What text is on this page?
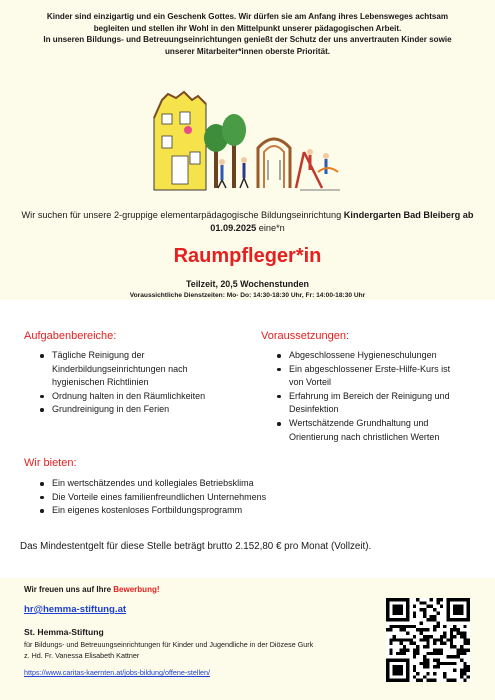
Kinder sind einzigartig und ein Geschenk Gottes. Wir dürfen sie am Anfang ihres Lebensweges achtsam
begleiten und stellen ihr Wohl in den Mittelpunkt unserer pädagogischen Arbeit.
In unseren Bildungs- und Betreuungseinrichtungen genießt der Schutz der uns anvertrauten Kinder sowie
unserer Mitarbeiter*innen oberste Priorität.
Wir suchen für unsere 2-gruppige elementarpädagogische Bildungseinrichtung Kindergarten Bad Bleiberg ab
01.09.2025 eine*n
Raumpfleger*in
Teilzeit, 20,5 Wochenstunden
Voraussichtliche Dienstzeiten: Mo- Do: 14:30-18:30 Uhr, Fr: 14:00-18:30 Uhr
Aufgabenbereiche:
Tägliche Reinigung der
Kinderbildungseinrichtungen nach
hygienischen Richtlinien
Ordnung halten in den Räumlichkeiten
Grundreinigung in den Ferien
Voraussetzungen:
Abgeschlossene Hygieneschulungen
Ein abgeschlossener Erste-Hilfe-Kurs ist
von Vorteil
Erfahrung im Bereich der Reinigung und
Desinfektion
Wertschätzende Grundhaltung und
Orientierung nach christlichen Werten
Wir bieten:
Ein wertschätzendes und kollegiales Betriebsklima
Die Vorteile eines familienfreundlichen Unternehmens
Ein eigenes kostenloses Fortbildungsprogramm
Das Mindestentgelt für diese Stelle beträgt brutto 2.152,80 € pro Monat (Vollzeit).
Wir freuen uns auf Ihre Bewerbung!
hr@hemma-stiftung.at
St. Hemma-Stiftung
für Bildungs- und Betreuungseinrichtungen für Kinder und Jugendliche in der Diözese Gurk
z. Hd. Fr. Vanessa Elisabeth Kattner
https://www.caritas-kaernten.at/jobs-bildung/offene-stellen/
